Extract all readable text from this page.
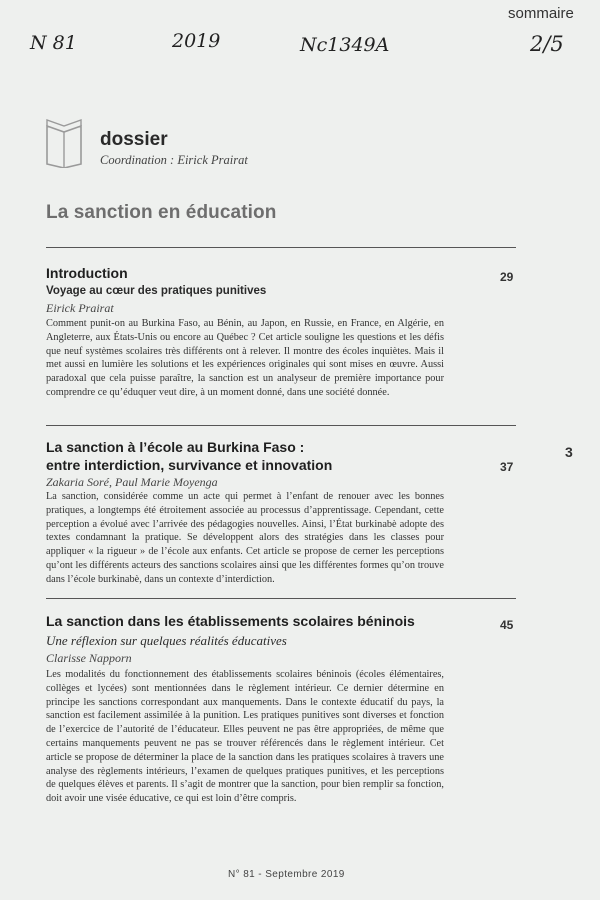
N 81	2019	Nc1349A	2/5
sommaire
dossier
Coordination : Eirick Prairat
La sanction en éducation
Introduction	29
Voyage au cœur des pratiques punitives
Eirick Prairat
Comment punit-on au Burkina Faso, au Bénin, au Japon, en Russie, en France, en Algérie, en Angleterre, aux États-Unis ou encore au Québec ? Cet article souligne les questions et les défis que neuf systèmes scolaires très différents ont à relever. Il montre des écoles inquiètes. Mais il met aussi en lumière les solutions et les expériences originales qui sont mises en œuvre. Aussi paradoxal que cela puisse paraître, la sanction est un analyseur de première importance pour comprendre ce qu’éduquer veut dire, à un moment donné, dans une société donnée.
La sanction à l’école au Burkina Faso :
entre interdiction, survivance et innovation	37
Zakaria Soré, Paul Marie Moyenga
La sanction, considérée comme un acte qui permet à l’enfant de renouer avec les bonnes pratiques, a longtemps été étroitement associée au processus d’apprentissage. Cependant, cette perception a évolué avec l’arrivée des pédagogies nouvelles. Ainsi, l’État burkinabè adopte des textes condamnant la pratique. Se développent alors des stratégies dans les classes pour appliquer « la rigueur » de l’école aux enfants. Cet article se propose de cerner les perceptions qu’ont les différents acteurs des sanctions scolaires ainsi que les différentes formes qu’on trouve dans l’école burkinabè, dans un contexte d’interdiction.
3
La sanction dans les établissements scolaires béninois	45
Une réflexion sur quelques réalités éducatives
Clarisse Napporn
Les modalités du fonctionnement des établissements scolaires béninois (écoles élémentaires, collèges et lycées) sont mentionnées dans le règlement intérieur. Ce dernier détermine en principe les sanctions correspondant aux manquements. Dans le contexte éducatif du pays, la sanction est facilement assimilée à la punition. Les pratiques punitives sont diverses et fonction de l’exercice de l’autorité de l’éducateur. Elles peuvent ne pas être appropriées, de même que certains manquements peuvent ne pas se trouver référencés dans le règlement intérieur. Cet article se propose de déterminer la place de la sanction dans les pratiques scolaires à travers une analyse des règlements intérieurs, l’examen de quelques pratiques punitives, et les perceptions de quelques élèves et parents. Il s’agit de montrer que la sanction, pour bien remplir sa fonction, doit avoir une visée éducative, ce qui est loin d’être compris.
N° 81 - Septembre 2019
